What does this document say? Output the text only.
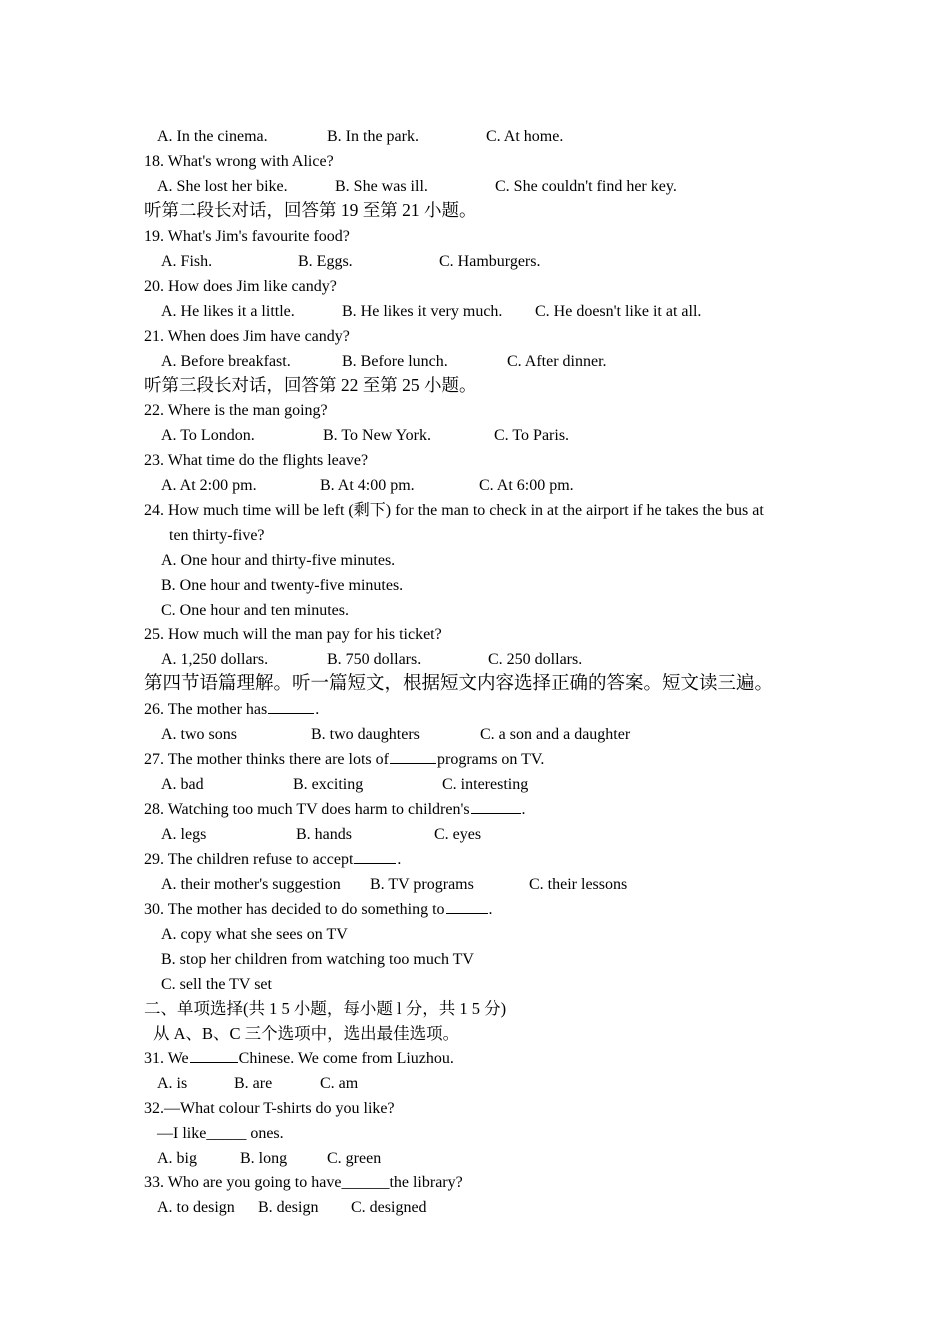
A. In the cinema.	B. In the park.	C. At home.
18. What's wrong with Alice?
A. She lost her bike.	B. She was ill.	C. She couldn't find her key.
听第二段长对话，回答第 19 至第 21 小题。
19. What's Jim's favourite food?
A. Fish.	B. Eggs.	C. Hamburgers.
20. How does Jim like candy?
A. He likes it a little.	B. He likes it very much. C. He doesn't like it at all.
21. When does Jim have candy?
A. Before breakfast.	B. Before lunch.	C. After dinner.
听第三段长对话，回答第 22 至第 25 小题。
22. Where is the man going?
A. To London.	B. To New York.	C. To Paris.
23. What time do the flights leave?
A. At 2:00 pm.	B. At 4:00 pm.	C. At 6:00 pm.
24. How much time will be left (剩下) for the man to check in at the airport if he takes the bus at
ten thirty-five?
A. One hour and thirty-five minutes.
B. One hour and twenty-five minutes.
C. One hour and ten minutes.
25. How much will the man pay for his ticket?
A. 1,250 dollars.	B. 750 dollars.	C. 250 dollars.
第四节语篇理解。听一篇短文，根据短文内容选择正确的答案。短文读三遍。
26. The mother has	.
A. two sons	B. two daughters	C. a son and a daughter
27. The mother thinks there are lots of	programs on TV.
A. bad	B. exciting	C. interesting
28. Watching too much TV does harm to children's	.
A. legs	B. hands	C. eyes
29. The children refuse to accept	.
A. their mother's suggestion B. TV programs	C. their lessons
30. The mother has decided to do something to	.
A. copy what she sees on TV
B. stop her children from watching too much TV
C. sell the TV set
二、单项选择(共 1 5 小题，每小题 l 分，共 1 5 分)
从 A、B、C 三个选项中，选出最佳选项。
31. We	Chinese. We come from Liuzhou.
A. is	B. are	C. am
32.—What colour T-shirts do you like?
—I like_____ ones.
A. big	B. long C. green
33. Who are you going to have______the library?
A. to design B. design C. designed
